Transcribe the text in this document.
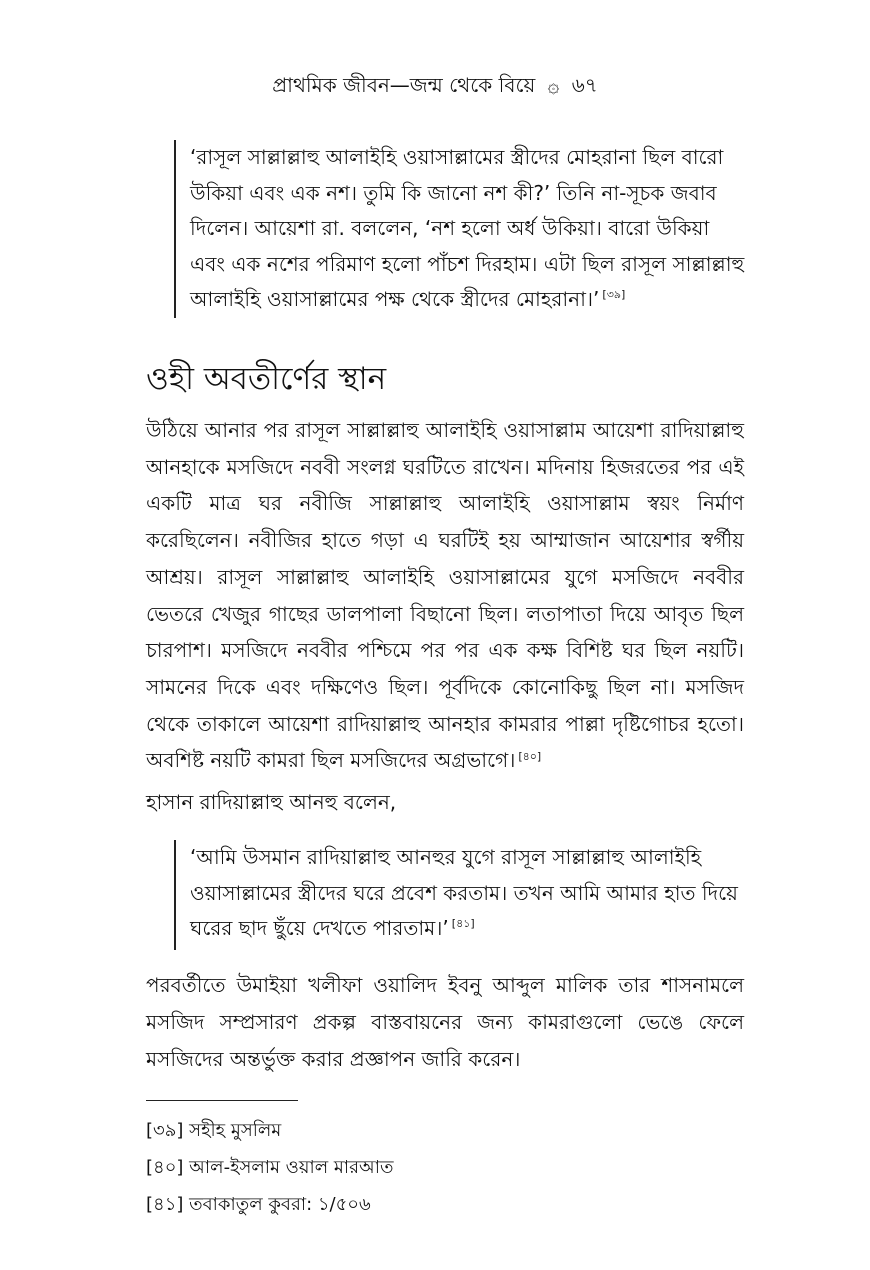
প্রাথমিক জীবন—জন্ম থেকে বিয়ে ۞ ৬৭

‘রাসূল সাল্লাল্লাহু আলাইহি ওয়াসাল্লামের স্ত্রীদের মোহরানা ছিল বারো উকিয়া এবং এক নশ। তুমি কি জানো নশ কী?’ তিনি না-সূচক জবাব দিলেন। আয়েশা রা. বললেন, ‘নশ হলো অর্ধ উকিয়া। বারো উকিয়া এবং এক নশের পরিমাণ হলো পাঁচশ দিরহাম। এটা ছিল রাসূল সাল্লাল্লাহু আলাইহি ওয়াসাল্লামের পক্ষ থেকে স্ত্রীদের মোহরানা।’ [৩৯]

ওহী অবতীর্ণের স্থান

উঠিয়ে আনার পর রাসূল সাল্লাল্লাহু আলাইহি ওয়াসাল্লাম আয়েশা রাদিয়াল্লাহু আনহাকে মসজিদে নববী সংলগ্ন ঘরটিতে রাখেন। মদিনায় হিজরতের পর এই একটি মাত্র ঘর নবীজি সাল্লাল্লাহু আলাইহি ওয়াসাল্লাম স্বয়ং নির্মাণ করেছিলেন। নবীজির হাতে গড়া এ ঘরটিই হয় আম্মাজান আয়েশার স্বর্গীয় আশ্রয়। রাসূল সাল্লাল্লাহু আলাইহি ওয়াসাল্লামের যুগে মসজিদে নববীর ভেতরে খেজুর গাছের ডালপালা বিছানো ছিল। লতাপাতা দিয়ে আবৃত ছিল চারপাশ। মসজিদে নববীর পশ্চিমে পর পর এক কক্ষ বিশিষ্ট ঘর ছিল নয়টি। সামনের দিকে এবং দক্ষিণেও ছিল। পূর্বদিকে কোনোকিছু ছিল না। মসজিদ থেকে তাকালে আয়েশা রাদিয়াল্লাহু আনহার কামরার পাল্লা দৃষ্টিগোচর হতো। অবশিষ্ট নয়টি কামরা ছিল মসজিদের অগ্রভাগে। [৪০]

হাসান রাদিয়াল্লাহু আনহু বলেন,

‘আমি উসমান রাদিয়াল্লাহু আনহুর যুগে রাসূল সাল্লাল্লাহু আলাইহি ওয়াসাল্লামের স্ত্রীদের ঘরে প্রবেশ করতাম। তখন আমি আমার হাত দিয়ে ঘরের ছাদ ছুঁয়ে দেখতে পারতাম।’ [৪১]

পরবর্তীতে উমাইয়া খলীফা ওয়ালিদ ইবনু আব্দুল মালিক তার শাসনামলে মসজিদ সম্প্রসারণ প্রকল্প বাস্তবায়নের জন্য কামরাগুলো ভেঙে ফেলে মসজিদের অন্তর্ভুক্ত করার প্রজ্ঞাপন জারি করেন।

[৩৯] সহীহ মুসলিম

[৪০] আল-ইসলাম ওয়াল মারআত

[৪১] তবাকাতুল কুবরা: ১/৫০৬
